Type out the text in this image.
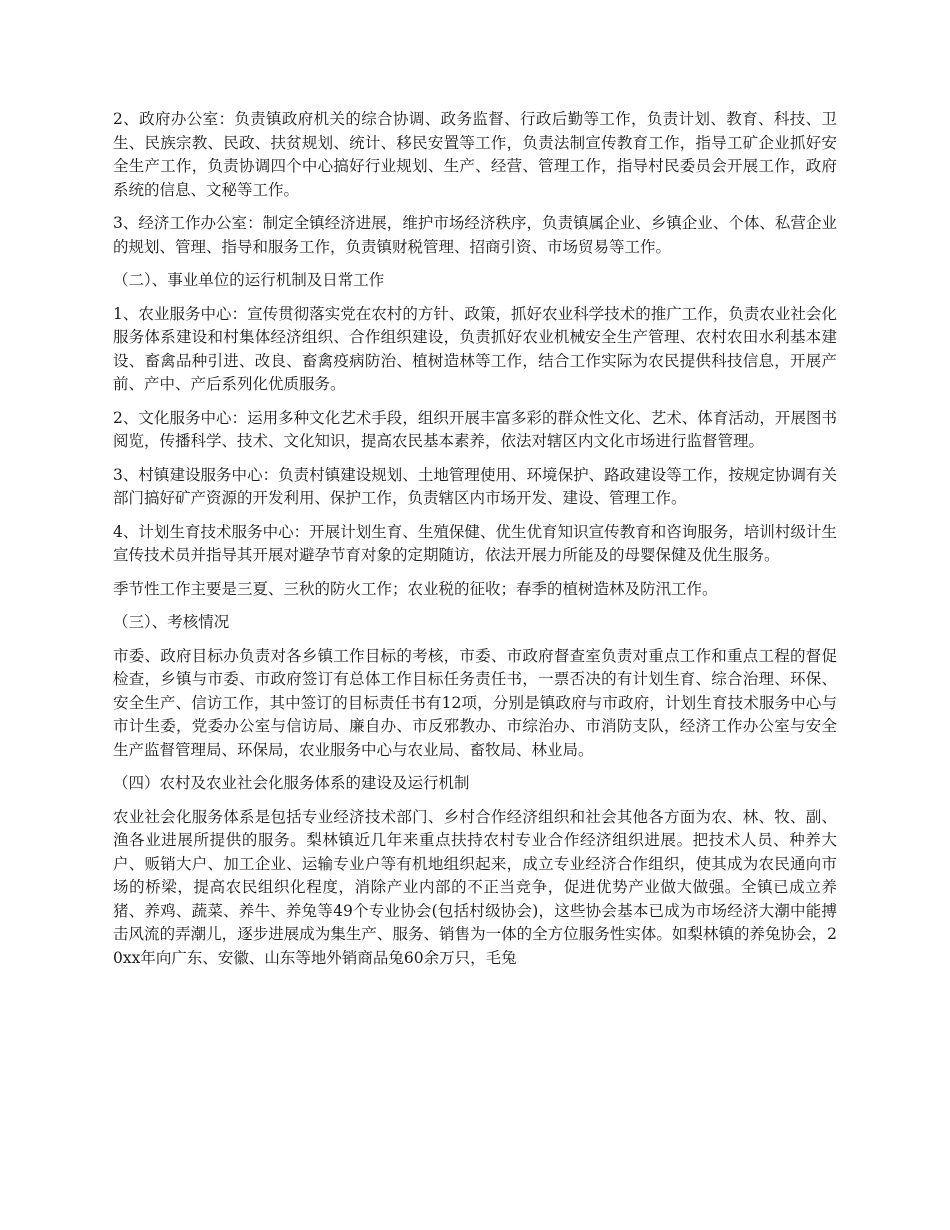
2、政府办公室：负责镇政府机关的综合协调、政务监督、行政后勤等工作，负责计划、教育、科技、卫生、民族宗教、民政、扶贫规划、统计、移民安置等工作，负责法制宣传教育工作，指导工矿企业抓好安全生产工作，负责协调四个中心搞好行业规划、生产、经营、管理工作，指导村民委员会开展工作，政府系统的信息、文秘等工作。

3、经济工作办公室：制定全镇经济进展，维护市场经济秩序，负责镇属企业、乡镇企业、个体、私营企业的规划、管理、指导和服务工作，负责镇财税管理、招商引资、市场贸易等工作。

（二）、事业单位的运行机制及日常工作

1、农业服务中心：宣传贯彻落实党在农村的方针、政策，抓好农业科学技术的推广工作，负责农业社会化服务体系建设和村集体经济组织、合作组织建设，负责抓好农业机械安全生产管理、农村农田水利基本建设、畜禽品种引进、改良、畜禽疫病防治、植树造林等工作，结合工作实际为农民提供科技信息，开展产前、产中、产后系列化优质服务。

2、文化服务中心：运用多种文化艺术手段，组织开展丰富多彩的群众性文化、艺术、体育活动，开展图书阅览，传播科学、技术、文化知识，提高农民基本素养，依法对辖区内文化市场进行监督管理。

3、村镇建设服务中心：负责村镇建设规划、土地管理使用、环境保护、路政建设等工作，按规定协调有关部门搞好矿产资源的开发利用、保护工作，负责辖区内市场开发、建设、管理工作。

4、计划生育技术服务中心：开展计划生育、生殖保健、优生优育知识宣传教育和咨询服务，培训村级计生宣传技术员并指导其开展对避孕节育对象的定期随访，依法开展力所能及的母婴保健及优生服务。

季节性工作主要是三夏、三秋的防火工作；农业税的征收；春季的植树造林及防汛工作。

（三）、考核情况

市委、政府目标办负责对各乡镇工作目标的考核，市委、市政府督查室负责对重点工作和重点工程的督促检查，乡镇与市委、市政府签订有总体工作目标任务责任书，一票否决的有计划生育、综合治理、环保、安全生产、信访工作，其中签订的目标责任书有12项，分别是镇政府与市政府，计划生育技术服务中心与市计生委，党委办公室与信访局、廉自办、市反邪教办、市综治办、市消防支队，经济工作办公室与安全生产监督管理局、环保局，农业服务中心与农业局、畜牧局、林业局。

（四）农村及农业社会化服务体系的建设及运行机制

农业社会化服务体系是包括专业经济技术部门、乡村合作经济组织和社会其他各方面为农、林、牧、副、渔各业进展所提供的服务。梨林镇近几年来重点扶持农村专业合作经济组织进展。把技术人员、种养大户、贩销大户、加工企业、运输专业户等有机地组织起来，成立专业经济合作组织，使其成为农民通向市场的桥梁，提高农民组织化程度，消除产业内部的不正当竞争，促进优势产业做大做强。全镇已成立养猪、养鸡、蔬菜、养牛、养兔等49个专业协会(包括村级协会)，这些协会基本已成为市场经济大潮中能搏击风流的弄潮儿，逐步进展成为集生产、服务、销售为一体的全方位服务性实体。如梨林镇的养兔协会，20xx年向广东、安徽、山东等地外销商品兔60余万只，毛兔
